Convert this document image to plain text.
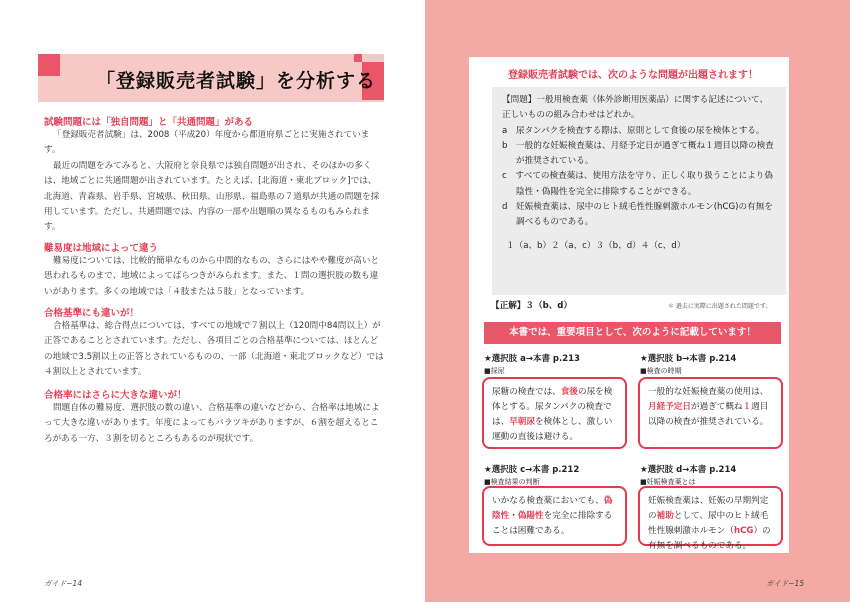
「登録販売者試験」を分析する
試験問題には「独自問題」と「共通問題」がある

「登録販売者試験」は、2008（平成20）年度から都道府県ごとに実施されています。

最近の問題をみてみると、大阪府と奈良県では独自問題が出され、そのほかの多くは、地域ごとに共通問題が出されています。たとえば、[北海道・東北ブロック]では、北海道、青森県、岩手県、宮城県、秋田県、山形県、福島県の７道県が共通の問題を採用しています。ただし、共通問題では、内容の一部や出題順の異なるものもみられます。

難易度は地域によって違う

難易度については、比較的簡単なものから中間的なもの、さらにはやや難度が高いと思われるものまで、地域によってばらつきがみられます。また、１問の選択肢の数も違いがあります。多くの地域では「４肢または５肢」となっています。

合格基準にも違いが！

合格基準は、総合得点については、すべての地域で７割以上（120問中84問以上）が正答であることとされています。ただし、各項目ごとの合格基準については、ほとんどの地域で3.5割以上の正答とされているものの、一部（北海道・東北ブロックなど）では４割以上とされています。

合格率にはさらに大きな違いが！

問題自体の難易度、選択肢の数の違い、合格基準の違いなどから、合格率は地域によって大きな違いがあります。年度によってもバラツキがありますが、６割を超えるところがある一方、３割を切るところもあるのが現状です。

ガイド−14
登録販売者試験では、次のような問題が出題されます！
【問題】一般用検査薬（体外診断用医薬品）に関する記述について、正しいものの組み合わせはどれか。
a　尿タンパクを検査する際は、原則として食後の尿を検体とする。
b　一般的な妊娠検査薬は、月経予定日が過ぎて概ね１週目以降の検査が推奨されている。
c　すべての検査薬は、使用方法を守り、正しく取り扱うことにより偽陰性・偽陽性を完全に排除することができる。
d　妊娠検査薬は、尿中のヒト絨毛性性腺刺激ホルモン(hCG)の有無を調べるものである。
１（a、b）２（a、c）３（b、d）４（c、d）
【正解】３（b、d）	＊ 過去に実際に出題された問題です。
本書では、重要項目として、次のように記載しています！
★選択肢 a→本書 p.213
■採尿
尿糖の検査では、食後の尿を検体とする。尿タンパクの検査では、早朝尿を検体とし、激しい運動の直後は避ける。
★選択肢 b→本書 p.214
■検査の時期
一般的な妊娠検査薬の使用は、月経予定日が過ぎて概ね１週目以降の検査が推奨されている。
★選択肢 c→本書 p.212
■検査結果の判断
いかなる検査薬においても、偽陰性・偽陽性を完全に排除することは困難である。
★選択肢 d→本書 p.214
■妊娠検査薬とは
妊娠検査薬は、妊娠の早期判定の補助として、尿中のヒト絨毛性性腺刺激ホルモン（hCG）の有無を調べるものである。
ガイド−15
